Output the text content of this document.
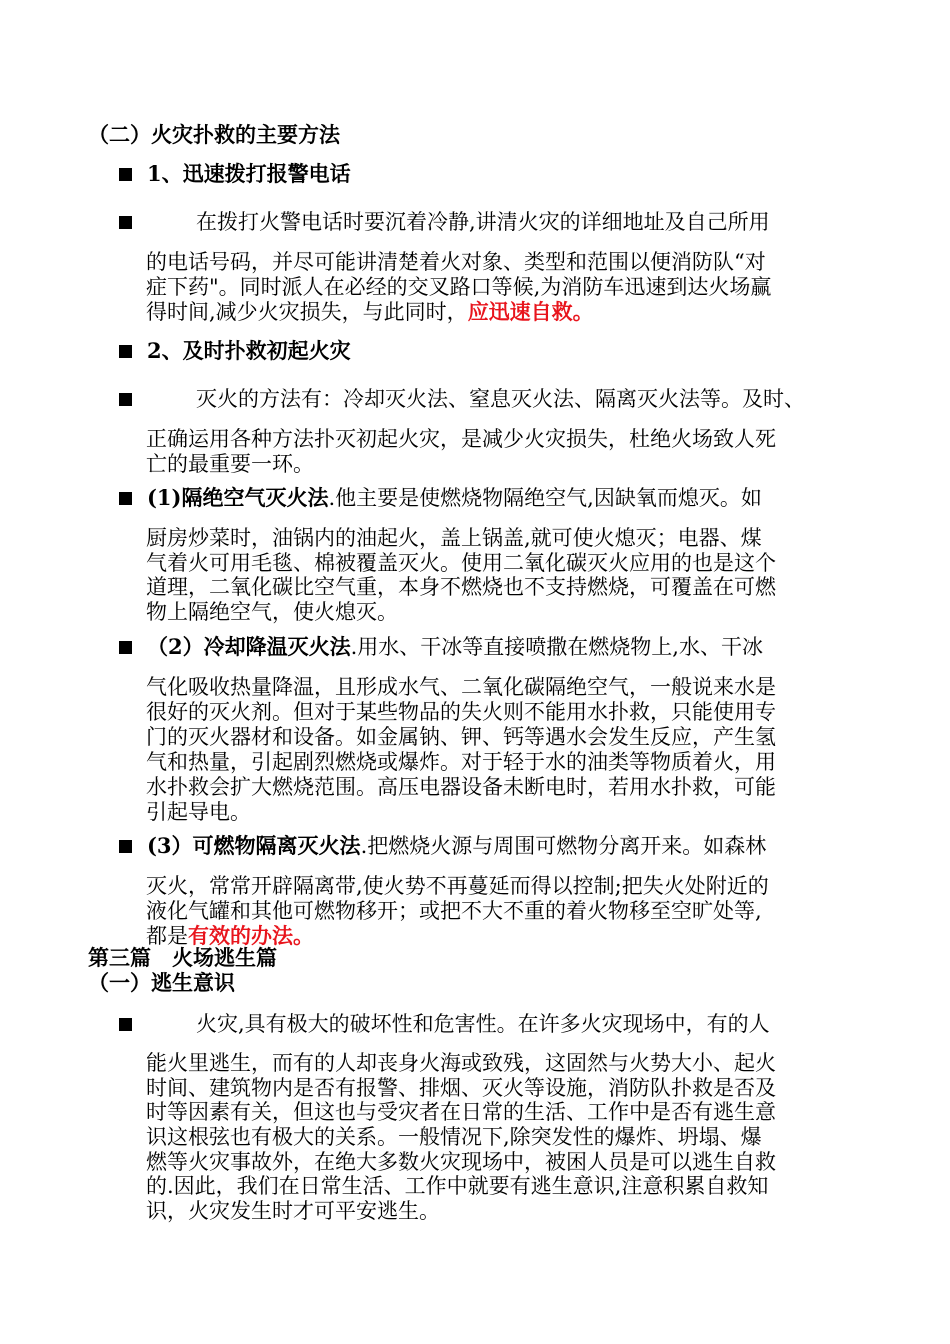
（二）火灾扑救的主要方法
1、迅速拨打报警电话
在拨打火警电话时要沉着冷静,讲清火灾的详细地址及自己所用
的电话号码，并尽可能讲清楚着火对象、类型和范围以便消防队“对
症下药"。同时派人在必经的交叉路口等候,为消防车迅速到达火场赢
得时间,减少火灾损失，与此同时，应迅速自救。
2、及时扑救初起火灾
灭火的方法有：冷却灭火法、窒息灭火法、隔离灭火法等。及时、
正确运用各种方法扑灭初起火灾，是减少火灾损失，杜绝火场致人死
亡的最重要一环。
(1)隔绝空气灭火法.他主要是使燃烧物隔绝空气,因缺氧而熄灭。如
厨房炒菜时，油锅内的油起火，盖上锅盖,就可使火熄灭；电器、煤
气着火可用毛毯、棉被覆盖灭火。使用二氧化碳灭火应用的也是这个
道理，二氧化碳比空气重，本身不燃烧也不支持燃烧，可覆盖在可燃
物上隔绝空气，使火熄灭。
（2）冷却降温灭火法.用水、干冰等直接喷撒在燃烧物上,水、干冰
气化吸收热量降温，且形成水气、二氧化碳隔绝空气，一般说来水是
很好的灭火剂。但对于某些物品的失火则不能用水扑救，只能使用专
门的灭火器材和设备。如金属钠、钾、钙等遇水会发生反应，产生氢
气和热量，引起剧烈燃烧或爆炸。对于轻于水的油类等物质着火，用
水扑救会扩大燃烧范围。高压电器设备未断电时，若用水扑救，可能
引起导电。
(3）可燃物隔离灭火法.把燃烧火源与周围可燃物分离开来。如森林
灭火，常常开辟隔离带,使火势不再蔓延而得以控制;把失火处附近的
液化气罐和其他可燃物移开；或把不大不重的着火物移至空旷处等,
都是有效的办法。
第三篇　火场逃生篇
（一）逃生意识
火灾,具有极大的破坏性和危害性。在许多火灾现场中，有的人
能火里逃生，而有的人却丧身火海或致残，这固然与火势大小、起火
时间、建筑物内是否有报警、排烟、灭火等设施，消防队扑救是否及
时等因素有关，但这也与受灾者在日常的生活、工作中是否有逃生意
识这根弦也有极大的关系。一般情况下,除突发性的爆炸、坍塌、爆
燃等火灾事故外，在绝大多数火灾现场中，被困人员是可以逃生自救
的.因此，我们在日常生活、工作中就要有逃生意识,注意积累自救知
识，火灾发生时才可平安逃生。
